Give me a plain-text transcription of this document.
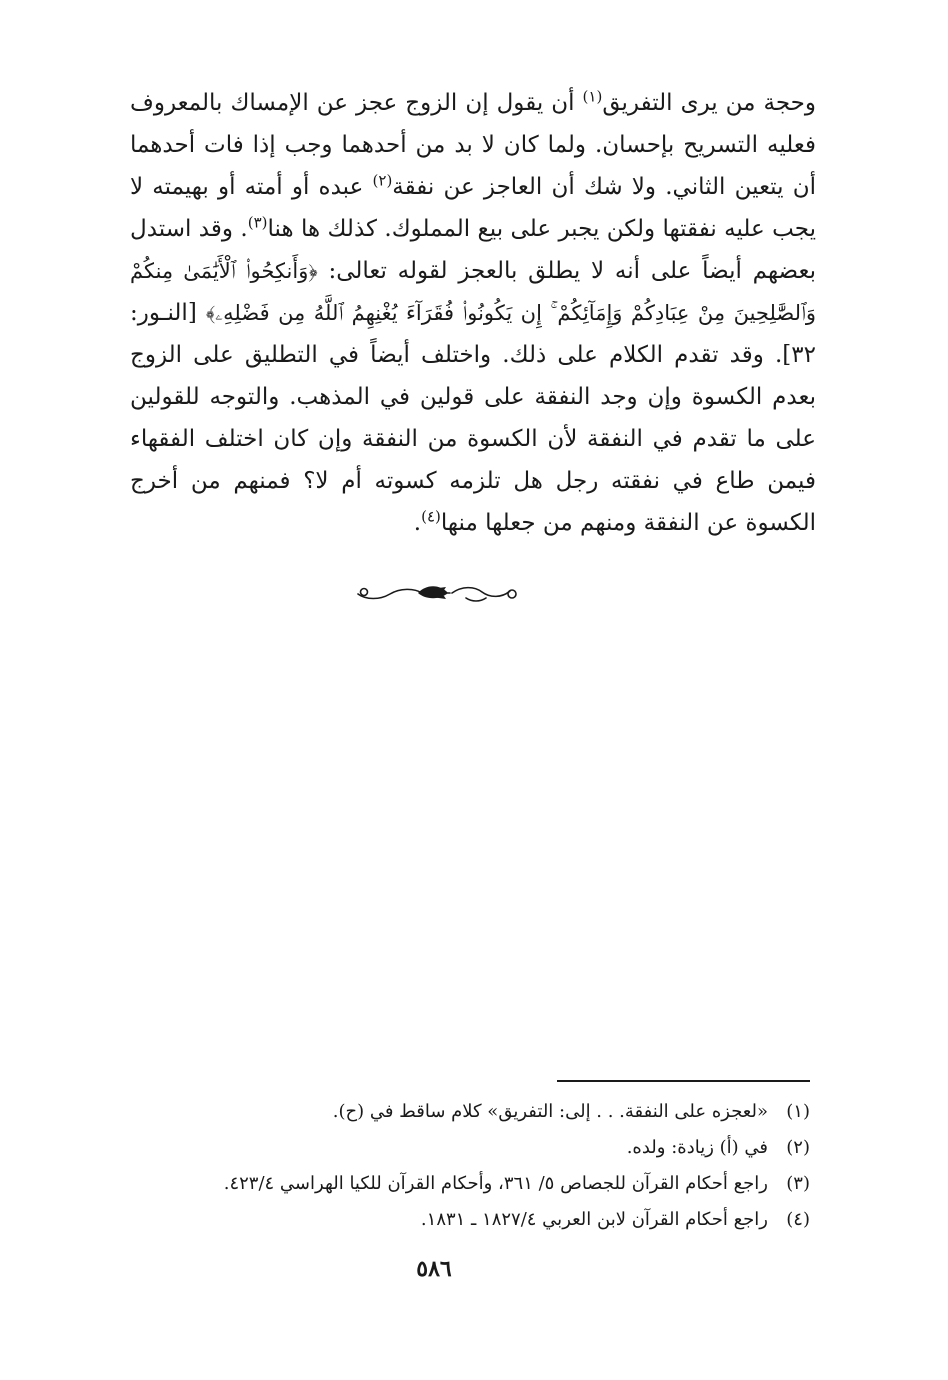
وحجة من يرى التفريق$^{(١)}$ أن يقول إن الزوج عجز عن الإمساك بالمعروف فعليه التسريح بإحسان. ولما كان لا بد من أحدهما وجب إذا فات أحدهما أن يتعين الثاني. ولا شك أن العاجز عن نفقة$^{(٢)}$ عبده أو أمته أو بهيمته لا يجب عليه نفقتها ولكن يجبر على بيع المملوك. كذلك ها هنا$^{(٣)}$. وقد استدل بعضهم أيضاً على أنه لا يطلق بالعجز لقوله تعالى: ﴿وَأَنكِحُوا۟ ٱلْأَيَٰمَىٰ مِنكُمْ وَٱلصَّٰلِحِينَ مِنْ عِبَادِكُمْ وَإِمَآئِكُمْ ۚ إِن يَكُونُوا۟ فُقَرَآءَ يُغْنِهِمُ ٱللَّهُ مِن فَضْلِهِۦ﴾ [النـور: ٣٢]. وقد تقدم الكلام على ذلك. واختلف أيضاً في التطليق على الزوج بعدم الكسوة وإن وجد النفقة على قولين في المذهب. والتوجه للقولين على ما تقدم في النفقة لأن الكسوة من النفقة وإن كان اختلف الفقهاء فيمن طاع في نفقته رجل هل تلزمه كسوته أم لا؟ فمنهم من أخرج الكسوة عن النفقة ومنهم من جعلها منها$^{(٤)}$.

(١)«لعجزه على النفقة. . . إلى: التفريق» كلام ساقط في (ح).
(٢)في (أ) زيادة: ولده.
(٣)راجع أحكام القرآن للجصاص ٥/ ٣٦١، وأحكام القرآن للكيا الهراسي ٤٢٣/٤.
(٤)راجع أحكام القرآن لابن العربي ١٨٢٧/٤ ـ ١٨٣١.
٥٨٦
